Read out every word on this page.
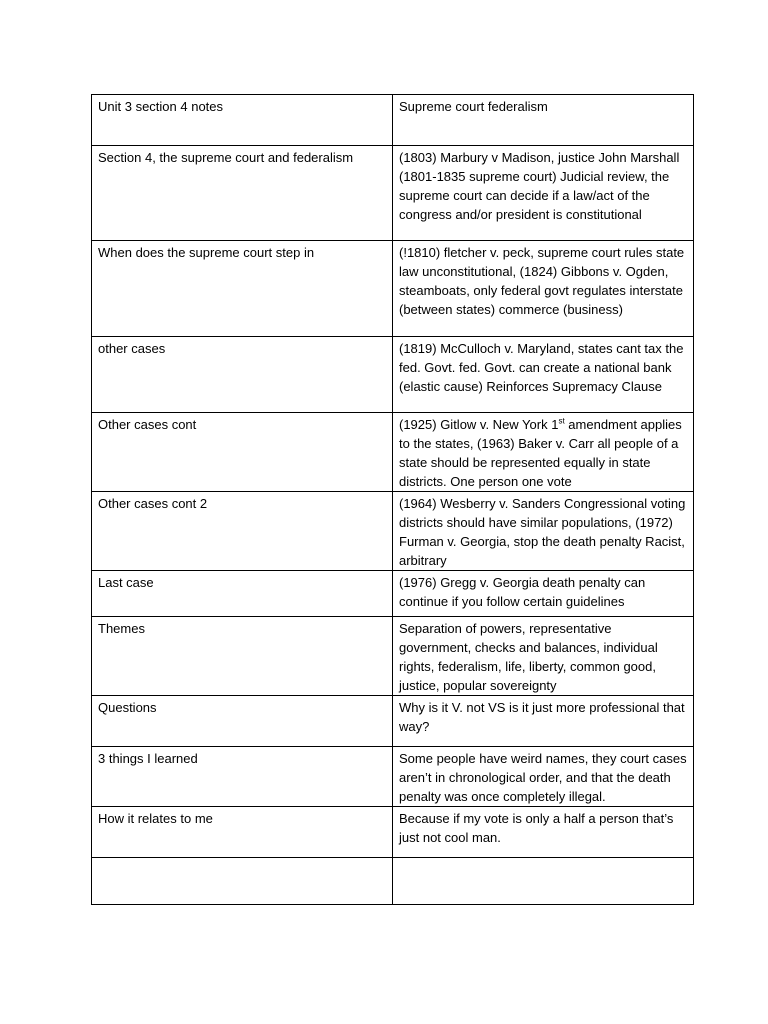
Unit 3 section 4 notes	Supreme court federalism
Section 4, the supreme court and federalism	(1803) Marbury v Madison, justice John Marshall (1801-1835 supreme court) Judicial review, the supreme court can decide if a law/act of the congress and/or president is constitutional
When does the supreme court step in	(!1810) fletcher v. peck, supreme court rules state law unconstitutional, (1824) Gibbons v. Ogden, steamboats, only federal govt regulates interstate (between states) commerce (business)
other cases	(1819) McCulloch v. Maryland, states cant tax the fed. Govt. fed. Govt. can create a national bank (elastic cause) Reinforces Supremacy Clause
Other cases cont	(1925) Gitlow v. New York 1st amendment applies to the states, (1963) Baker v. Carr all people of a state should be represented equally in state districts. One person one vote
Other cases cont 2	(1964) Wesberry v. Sanders Congressional voting districts should have similar populations, (1972) Furman v. Georgia, stop the death penalty Racist, arbitrary
Last case	(1976) Gregg v. Georgia death penalty can continue if you follow certain guidelines
Themes	Separation of powers, representative government, checks and balances, individual rights, federalism, life, liberty, common good, justice, popular sovereignty
Questions	Why is it V. not VS is it just more professional that way?
3 things I learned	Some people have weird names, they court cases aren’t in chronological order, and that the death penalty was once completely illegal.
How it relates to me	Because if my vote is only a half a person that’s just not cool man.
